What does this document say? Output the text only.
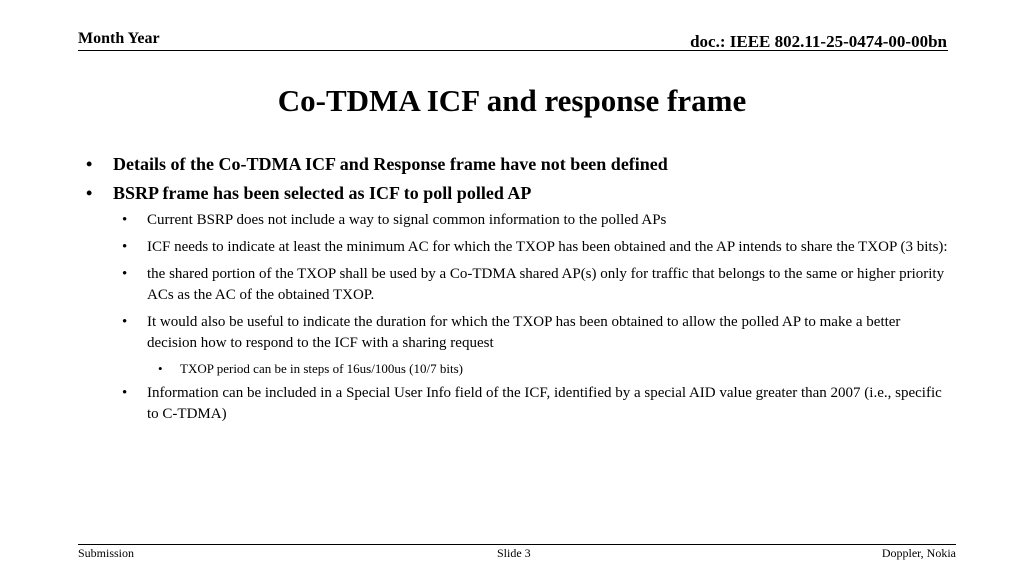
Month Year	doc.: IEEE 802.11-25-0474-00-00bn
Co-TDMA ICF and response frame
• Details of the Co-TDMA ICF and Response frame have not been defined
• BSRP frame has been selected as ICF to poll polled AP
• Current BSRP does not include a way to signal common information to the polled APs
• ICF needs to indicate at least the minimum AC for which the TXOP has been obtained and the AP intends to share the TXOP (3 bits):
• the shared portion of the TXOP shall be used by a Co-TDMA shared AP(s) only for traffic that belongs to the same or higher priority ACs as the AC of the obtained TXOP.
• It would also be useful to indicate the duration for which the TXOP has been obtained to allow the polled AP to make a better decision how to respond to the ICF with a sharing request
• TXOP period can be in steps of 16us/100us (10/7 bits)
• Information can be included in a Special User Info field of the ICF, identified by a special AID value greater than 2007 (i.e., specific to C-TDMA)
Submission	Slide 3	Doppler, Nokia
